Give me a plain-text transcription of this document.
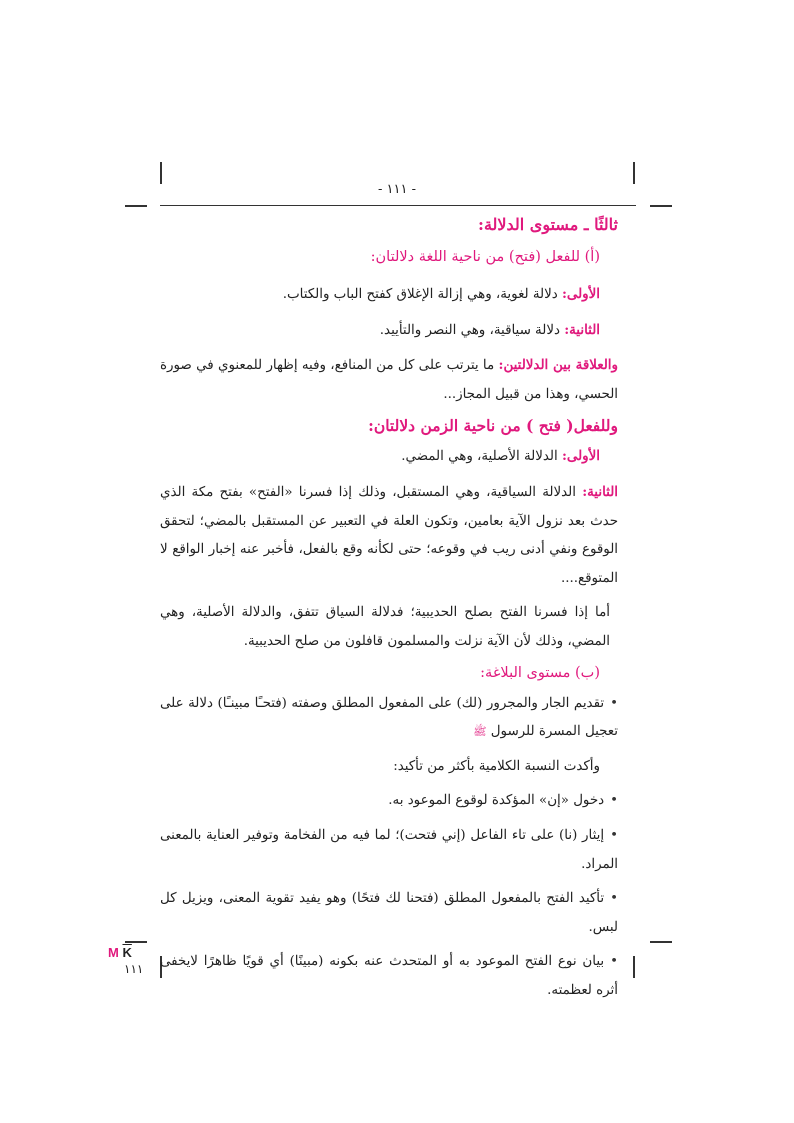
- ١١١ -

ثالثًا ـ مستوى الدلالة:

(أ) للفعل (فتح) من ناحية اللغة دلالتان:

الأولى: دلالة لغوية، وهي إزالة الإغلاق كفتح الباب والكتاب.

الثانية: دلالة سياقية، وهي النصر والتأييد.

والعلاقة بين الدلالتين: ما يترتب على كل من المنافع، وفيه إظهار للمعنوي في صورة الحسي، وهذا من قبيل المجاز...

وللفعل( فتح ) من ناحية الزمن دلالتان:

الأولى: الدلالة الأصلية، وهي المضي.

الثانية: الدلالة السياقية، وهي المستقبل، وذلك إذا فسرنا «الفتح» بفتح مكة الذي حدث بعد نزول الآية بعامين، وتكون العلة في التعبير عن المستقبل بالمضي؛ لتحقق الوقوع ونفي أدنى ريب في وقوعه؛ حتى لكأنه وقع بالفعل، فأخبر عنه إخبار الواقع لا المتوقع....

أما إذا فسرنا الفتح بصلح الحديبية؛ فدلالة السياق تتفق، والدلالة الأصلية، وهي المضي، وذلك لأن الآية نزلت والمسلمون قافلون من صلح الحديبية.

(ب) مستوى البلاغة:

• تقديم الجار والمجرور (لك) على المفعول المطلق وصفته (فتحـًا مبينـًا) دلالة على تعجيل المسرة للرسول ﷺ

وأكدت النسبة الكلامية بأكثر من تأكيد:

• دخول «إن» المؤكدة لوقوع الموعود به.

• إيثار (نا) على تاء الفاعل (إني فتحت)؛ لما فيه من الفخامة وتوفير العناية بالمعنى المراد.

• تأكيد الفتح بالمفعول المطلق (فتحنا لك فتحًا) وهو يفيد تقوية المعنى، ويزيل كل لبس.

• بيان نوع الفتح الموعود به أو المتحدث عنه بكونه (مبينًا) أي قويًا ظاهرًا لايخفى أثره لعظمته.

M $\overline{K}$
١١١
